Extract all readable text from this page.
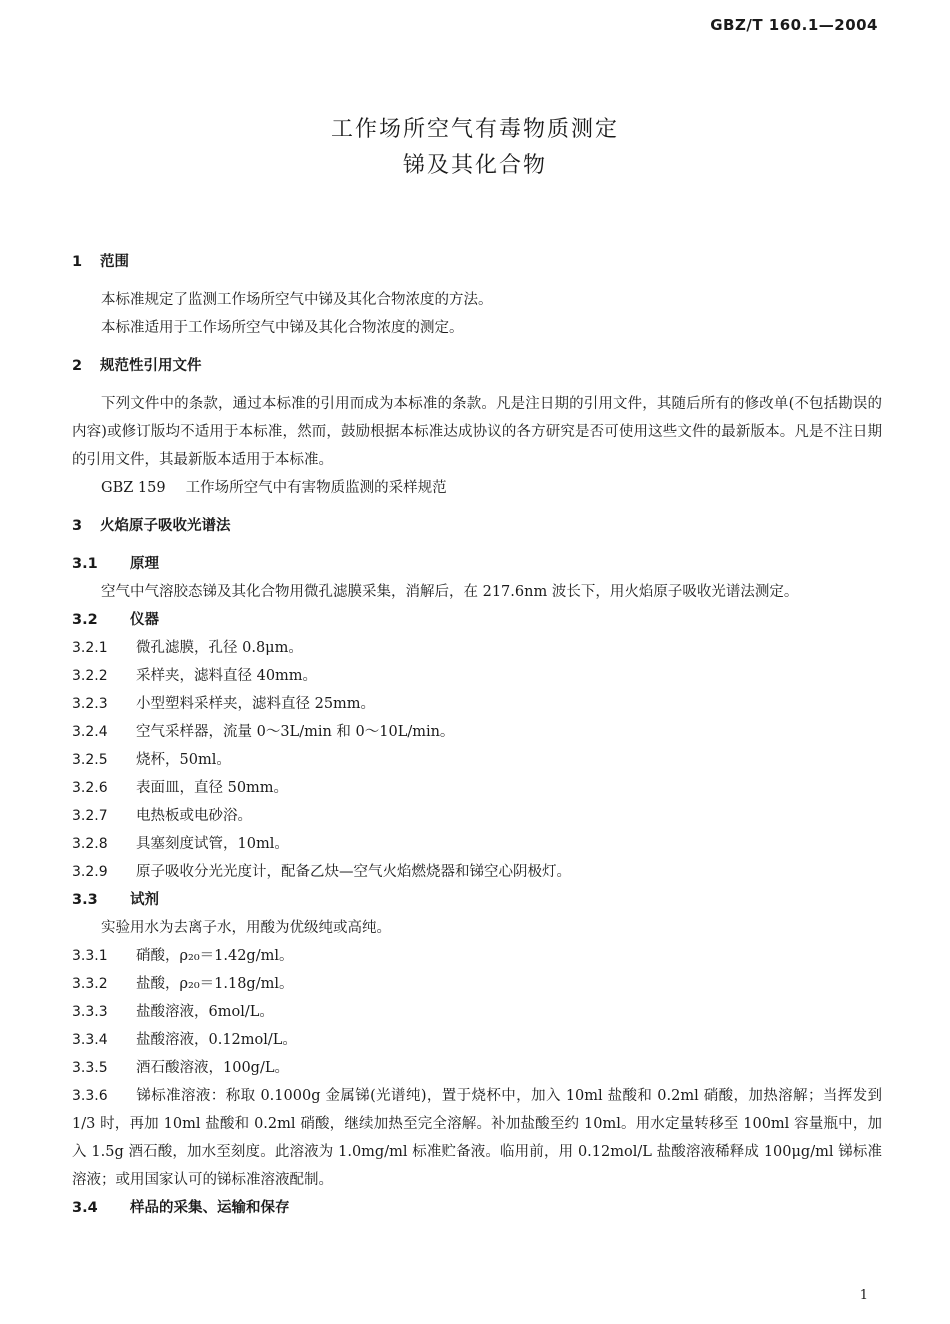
GBZ/T 160.1—2004
工作场所空气有毒物质测定
锑及其化合物
1 范围
本标准规定了监测工作场所空气中锑及其化合物浓度的方法。
本标准适用于工作场所空气中锑及其化合物浓度的测定。
2 规范性引用文件
下列文件中的条款，通过本标准的引用而成为本标准的条款。凡是注日期的引用文件，其随后所有的修改单(不包括勘误的内容)或修订版均不适用于本标准，然而，鼓励根据本标准达成协议的各方研究是否可使用这些文件的最新版本。凡是不注日期的引用文件，其最新版本适用于本标准。
GBZ 159 工作场所空气中有害物质监测的采样规范
3 火焰原子吸收光谱法
3.1 原理
空气中气溶胶态锑及其化合物用微孔滤膜采集，消解后，在 217.6nm 波长下，用火焰原子吸收光谱法测定。
3.2 仪器
3.2.1 微孔滤膜，孔径 0.8μm。
3.2.2 采样夹，滤料直径 40mm。
3.2.3 小型塑料采样夹，滤料直径 25mm。
3.2.4 空气采样器，流量 0～3L/min 和 0～10L/min。
3.2.5 烧杯，50ml。
3.2.6 表面皿，直径 50mm。
3.2.7 电热板或电砂浴。
3.2.8 具塞刻度试管，10ml。
3.2.9 原子吸收分光光度计，配备乙炔—空气火焰燃烧器和锑空心阴极灯。
3.3 试剂
实验用水为去离子水，用酸为优级纯或高纯。
3.3.1 硝酸，ρ₂₀＝1.42g/ml。
3.3.2 盐酸，ρ₂₀＝1.18g/ml。
3.3.3 盐酸溶液，6mol/L。
3.3.4 盐酸溶液，0.12mol/L。
3.3.5 酒石酸溶液，100g/L。
3.3.6 锑标准溶液：称取 0.1000g 金属锑(光谱纯)，置于烧杯中，加入 10ml 盐酸和 0.2ml 硝酸，加热溶解；当挥发到 1/3 时，再加 10ml 盐酸和 0.2ml 硝酸，继续加热至完全溶解。补加盐酸至约 10ml。用水定量转移至 100ml 容量瓶中，加入 1.5g 酒石酸，加水至刻度。此溶液为 1.0mg/ml 标准贮备液。临用前，用 0.12mol/L 盐酸溶液稀释成 100μg/ml 锑标准溶液；或用国家认可的锑标准溶液配制。
3.4 样品的采集、运输和保存
1
